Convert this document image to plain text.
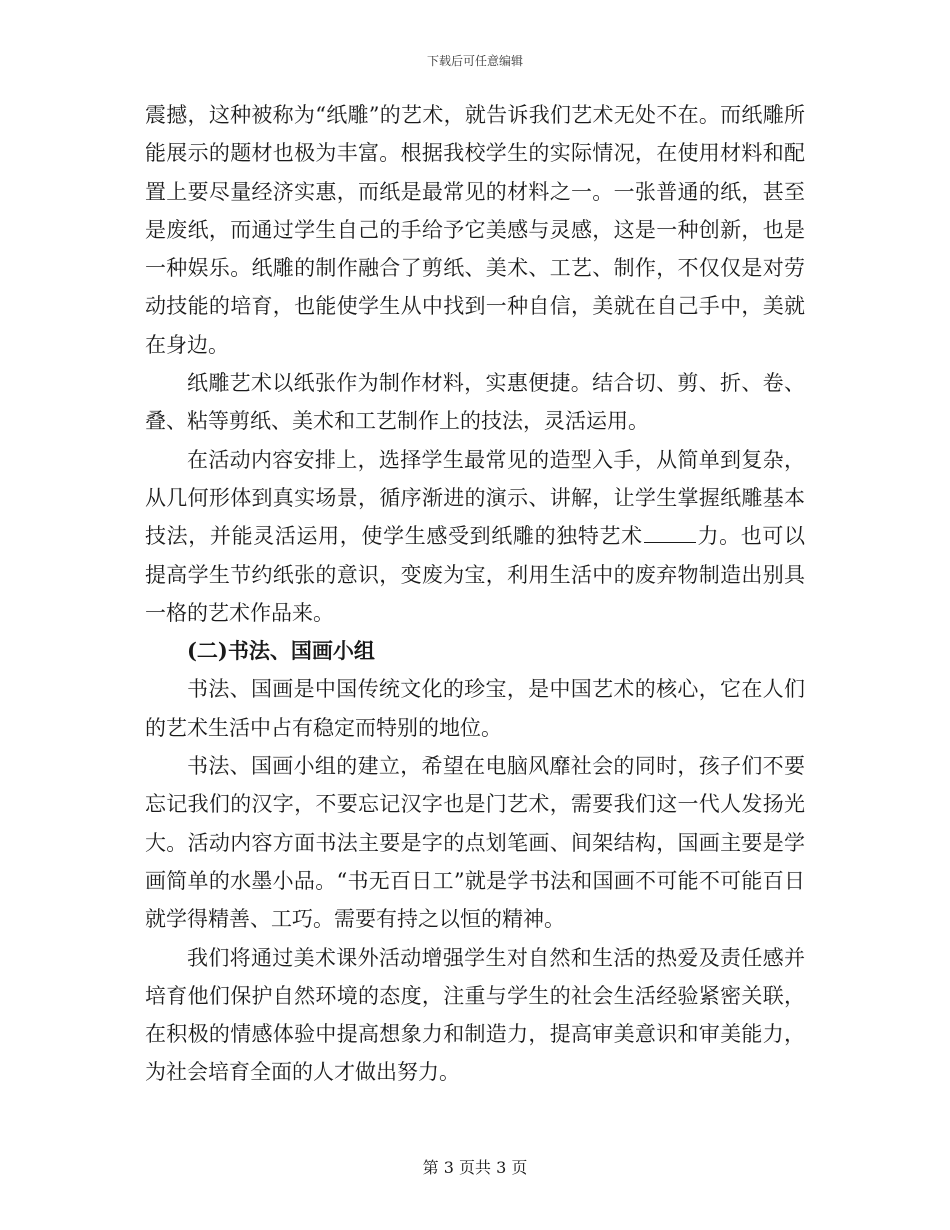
下载后可任意编辑

震撼，这种被称为“纸雕”的艺术，就告诉我们艺术无处不在。而纸雕所能展示的题材也极为丰富。根据我校学生的实际情况，在使用材料和配置上要尽量经济实惠，而纸是最常见的材料之一。一张普通的纸，甚至是废纸，而通过学生自己的手给予它美感与灵感，这是一种创新，也是一种娱乐。纸雕的制作融合了剪纸、美术、工艺、制作，不仅仅是对劳动技能的培育，也能使学生从中找到一种自信，美就在自己手中，美就在身边。

纸雕艺术以纸张作为制作材料，实惠便捷。结合切、剪、折、卷、叠、粘等剪纸、美术和工艺制作上的技法，灵活运用。

在活动内容安排上，选择学生最常见的造型入手，从简单到复杂，从几何形体到真实场景，循序渐进的演示、讲解，让学生掌握纸雕基本技法，并能灵活运用，使学生感受到纸雕的独特艺术	力。也可以提高学生节约纸张的意识，变废为宝，利用生活中的废弃物制造出别具一格的艺术作品来。

(二)书法、国画小组

书法、国画是中国传统文化的珍宝，是中国艺术的核心，它在人们的艺术生活中占有稳定而特别的地位。

书法、国画小组的建立，希望在电脑风靡社会的同时，孩子们不要忘记我们的汉字，不要忘记汉字也是门艺术，需要我们这一代人发扬光大。活动内容方面书法主要是字的点划笔画、间架结构，国画主要是学画简单的水墨小品。“书无百日工”就是学书法和国画不可能不可能百日就学得精善、工巧。需要有持之以恒的精神。

我们将通过美术课外活动增强学生对自然和生活的热爱及责任感并培育他们保护自然环境的态度，注重与学生的社会生活经验紧密关联，在积极的情感体验中提高想象力和制造力，提高审美意识和审美能力，为社会培育全面的人才做出努力。

第 3 页共 3 页
